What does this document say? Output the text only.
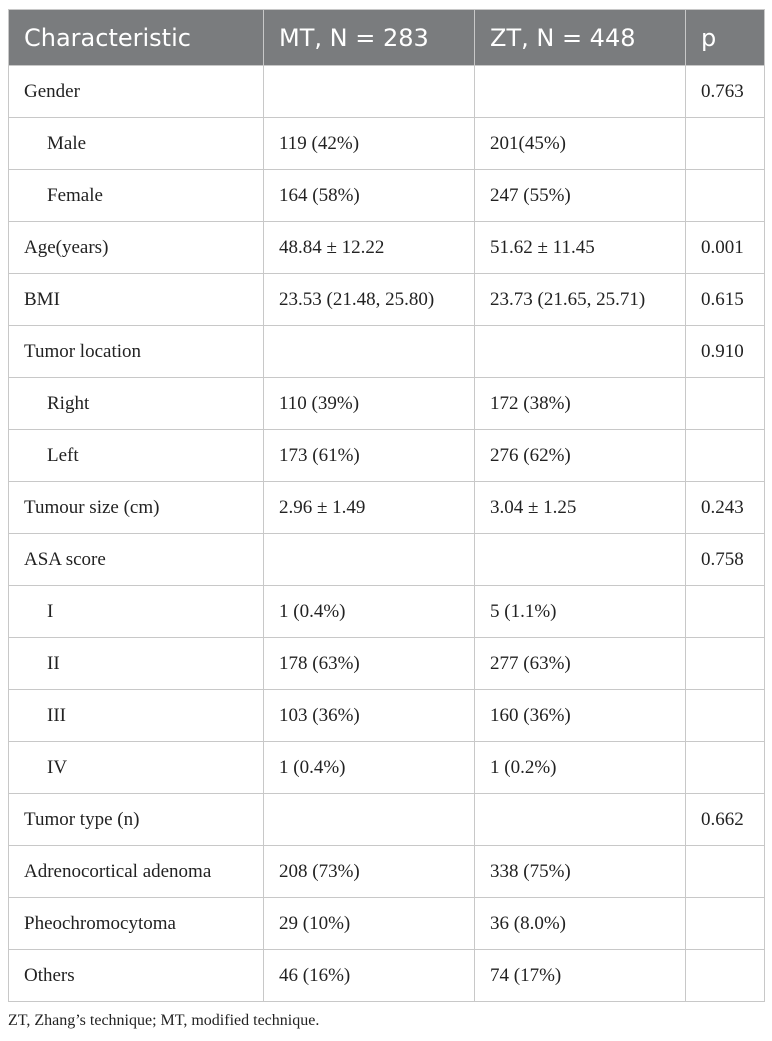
Characteristic	MT, N = 283	ZT, N = 448	p
Gender			0.763
Male	119 (42%)	201(45%)	
Female	164 (58%)	247 (55%)	
Age(years)	48.84 ± 12.22	51.62 ± 11.45	0.001
BMI	23.53 (21.48, 25.80)	23.73 (21.65, 25.71)	0.615
Tumor location			0.910
Right	110 (39%)	172 (38%)	
Left	173 (61%)	276 (62%)	
Tumour size (cm)	2.96 ± 1.49	3.04 ± 1.25	0.243
ASA score			0.758
I	1 (0.4%)	5 (1.1%)	
II	178 (63%)	277 (63%)	
III	103 (36%)	160 (36%)	
IV	1 (0.4%)	1 (0.2%)	
Tumor type (n)			0.662
Adrenocortical adenoma	208 (73%)	338 (75%)	
Pheochromocytoma	29 (10%)	36 (8.0%)	
Others	46 (16%)	74 (17%)	
ZT, Zhang’s technique; MT, modified technique.
